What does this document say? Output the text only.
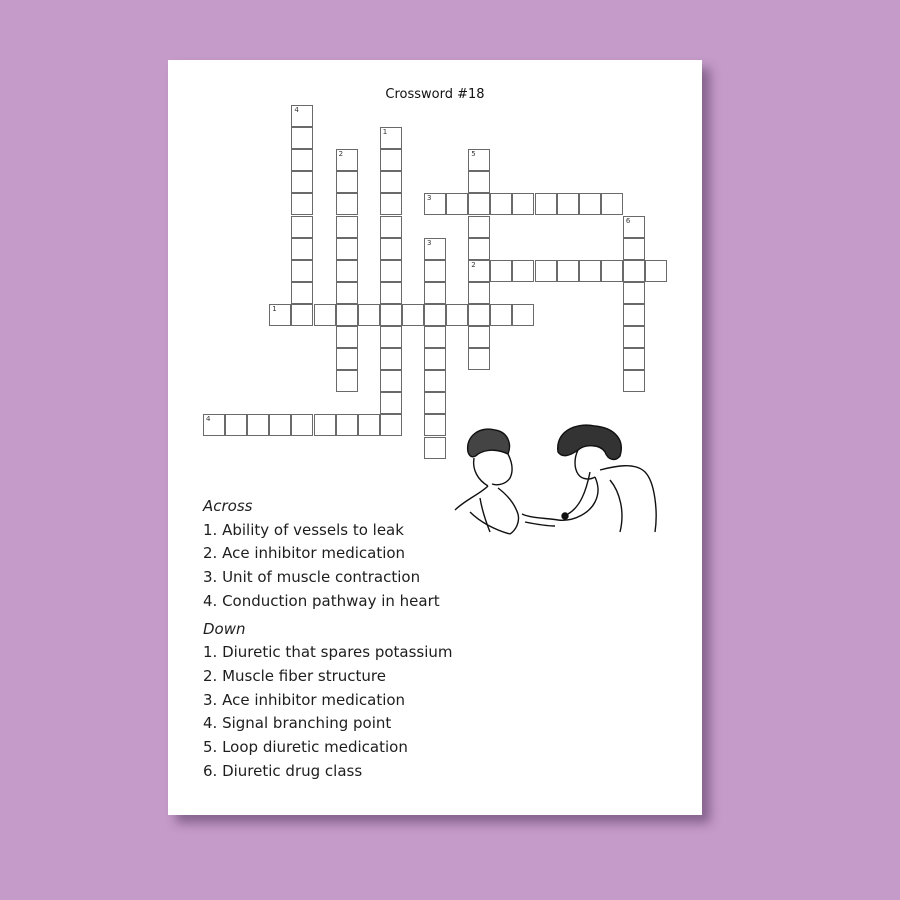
Crossword #18
4
1
2	5
2
3
6
3
1
4
Across
1. Ability of vessels to leak
2. Ace inhibitor medication
3. Unit of muscle contraction
4. Conduction pathway in heart
Down
1. Diuretic that spares potassium
2. Muscle fiber structure
3. Ace inhibitor medication
4. Signal branching point
5. Loop diuretic medication
6. Diuretic drug class
